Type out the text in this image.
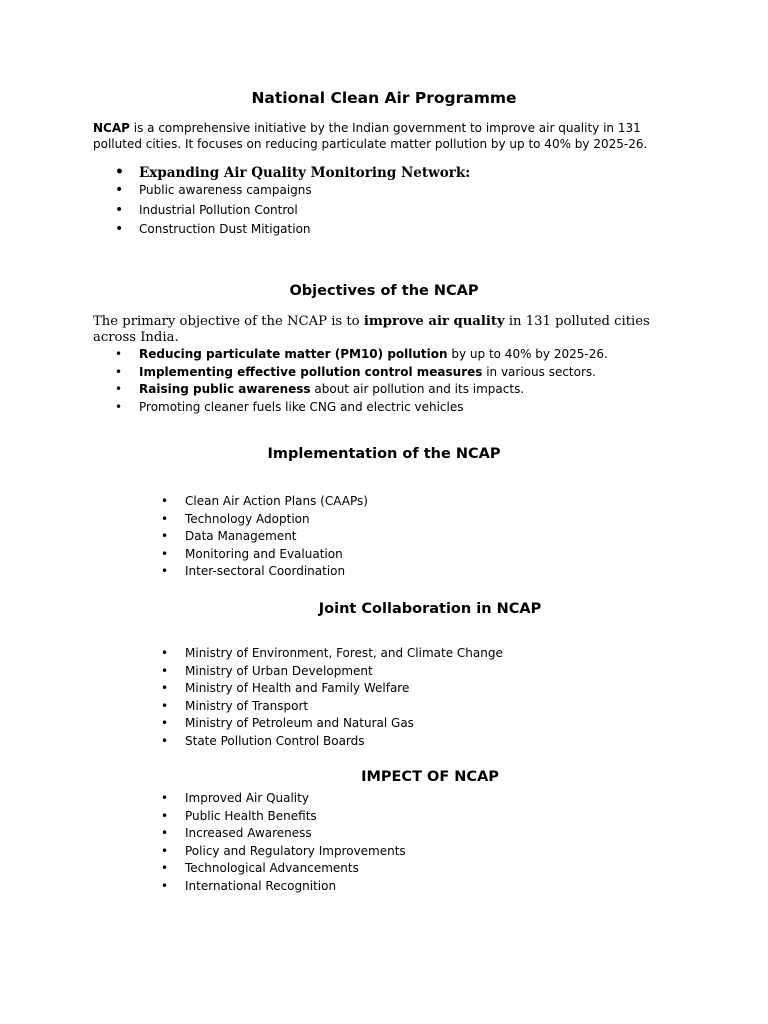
National Clean Air Programme

NCAP is a comprehensive initiative by the Indian government to improve air quality in 131 polluted cities. It focuses on reducing particulate matter pollution by up to 40% by 2025-26.

• Expanding Air Quality Monitoring Network:
• Public awareness campaigns
• Industrial Pollution Control
• Construction Dust Mitigation
Objectives of the NCAP

The primary objective of the NCAP is to improve air quality in 131 polluted cities across India.

• Reducing particulate matter (PM10) pollution by up to 40% by 2025-26.
• Implementing effective pollution control measures in various sectors.
• Raising public awareness about air pollution and its impacts.
• Promoting cleaner fuels like CNG and electric vehicles
Implementation of the NCAP
• Clean Air Action Plans (CAAPs)
• Technology Adoption
• Data Management
• Monitoring and Evaluation
• Inter-sectoral Coordination
Joint Collaboration in NCAP
• Ministry of Environment, Forest, and Climate Change
• Ministry of Urban Development
• Ministry of Health and Family Welfare
• Ministry of Transport
• Ministry of Petroleum and Natural Gas
• State Pollution Control Boards
IMPECT OF NCAP
• Improved Air Quality
• Public Health Benefits
• Increased Awareness
• Policy and Regulatory Improvements
• Technological Advancements
• International Recognition
